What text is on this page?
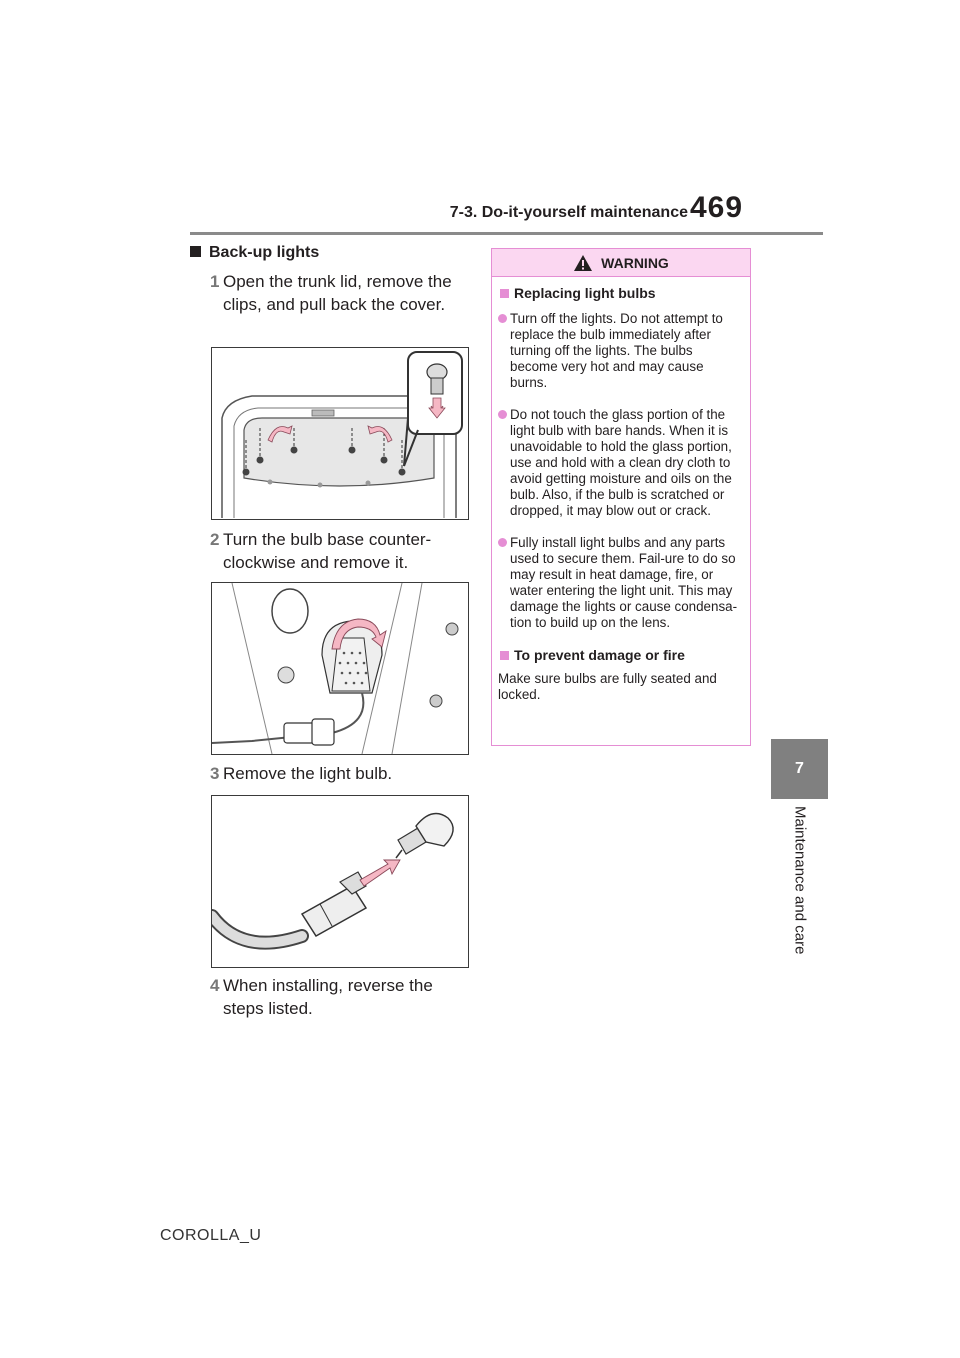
7-3. Do-it-yourself maintenance 469
7
Maintenance and care
Back-up lights
1 Open the trunk lid, remove the clips, and pull back the cover.
2 Turn the bulb base counter-clockwise and remove it.
3 Remove the light bulb.
4 When installing, reverse the steps listed.
WARNING
Replacing light bulbs
Turn off the lights. Do not attempt to replace the bulb immediately after turning off the lights. The bulbs become very hot and may cause burns.
Do not touch the glass portion of the light bulb with bare hands. When it is unavoidable to hold the glass portion, use and hold with a clean dry cloth to avoid getting moisture and oils on the bulb. Also, if the bulb is scratched or dropped, it may blow out or crack.
Fully install light bulbs and any parts used to secure them. Fail-ure to do so may result in heat damage, fire, or water entering the light unit. This may damage the lights or cause condensa-tion to build up on the lens.
To prevent damage or fire
Make sure bulbs are fully seated and locked.
COROLLA_U
